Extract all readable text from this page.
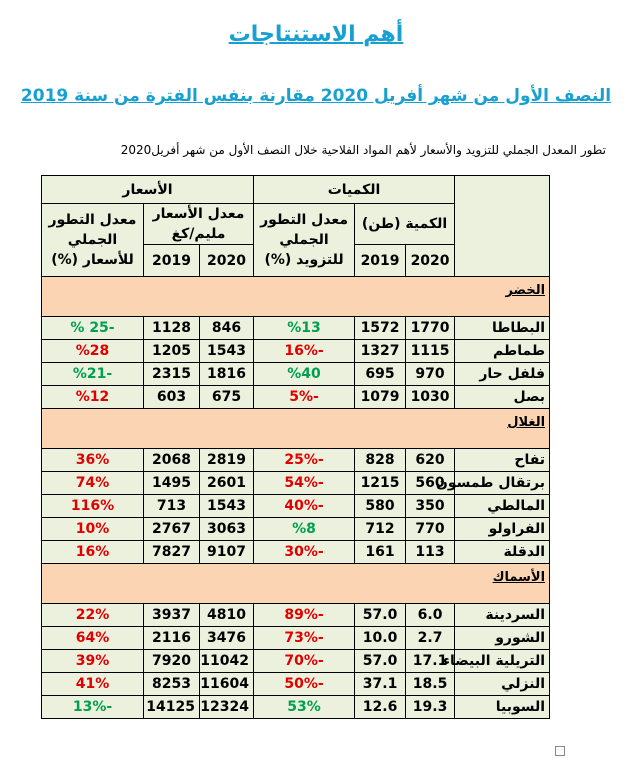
أهم الاستنتاجات
النصف الأول من شهر أفريل 2020 مقارنة بنفس الفترة من سنة 2019
تطور المعدل الجملي للتزويد والأسعار لأهم المواد الفلاحية خلال النصف الأول من شهر أفريل2020
	الكميات			الأسعار		
	الكمية (طن)		معدل التطور الجملي للتزويد (%)	معدل الأسعار
مليم/كغ		معدل التطور الجملي للأسعار (%)
	2020	2019		2020	2019	
الخضر						
البطاطا	1770	1572	%13	846	1128	-25 %
طماطم	1115	1327	-16%	1543	1205	%28
فلفل حار	970	695	%40	1816	2315	-%21
بصل	1030	1079	-5%	675	603	%12
الغلال						
تفاح	620	828	-25%	2819	2068	36%
برتقال طمسون	560	1215	-54%	2601	1495	74%
المالطي	350	580	-40%	1543	713	116%
الفراولو	770	712	%8	3063	2767	10%
الدقلة	113	161	-30%	9107	7827	16%
الأسماك						
السردينة	6.0	57.0	-89%	4810	3937	22%
الشورو	2.7	10.0	-73%	3476	2116	64%
التريلية البيضاء	17.1	57.0	-70%	11042	7920	39%
النزلي	18.5	37.1	-50%	11604	8253	41%
السوبيا	19.3	12.6	53%	12324	14125	-13%
